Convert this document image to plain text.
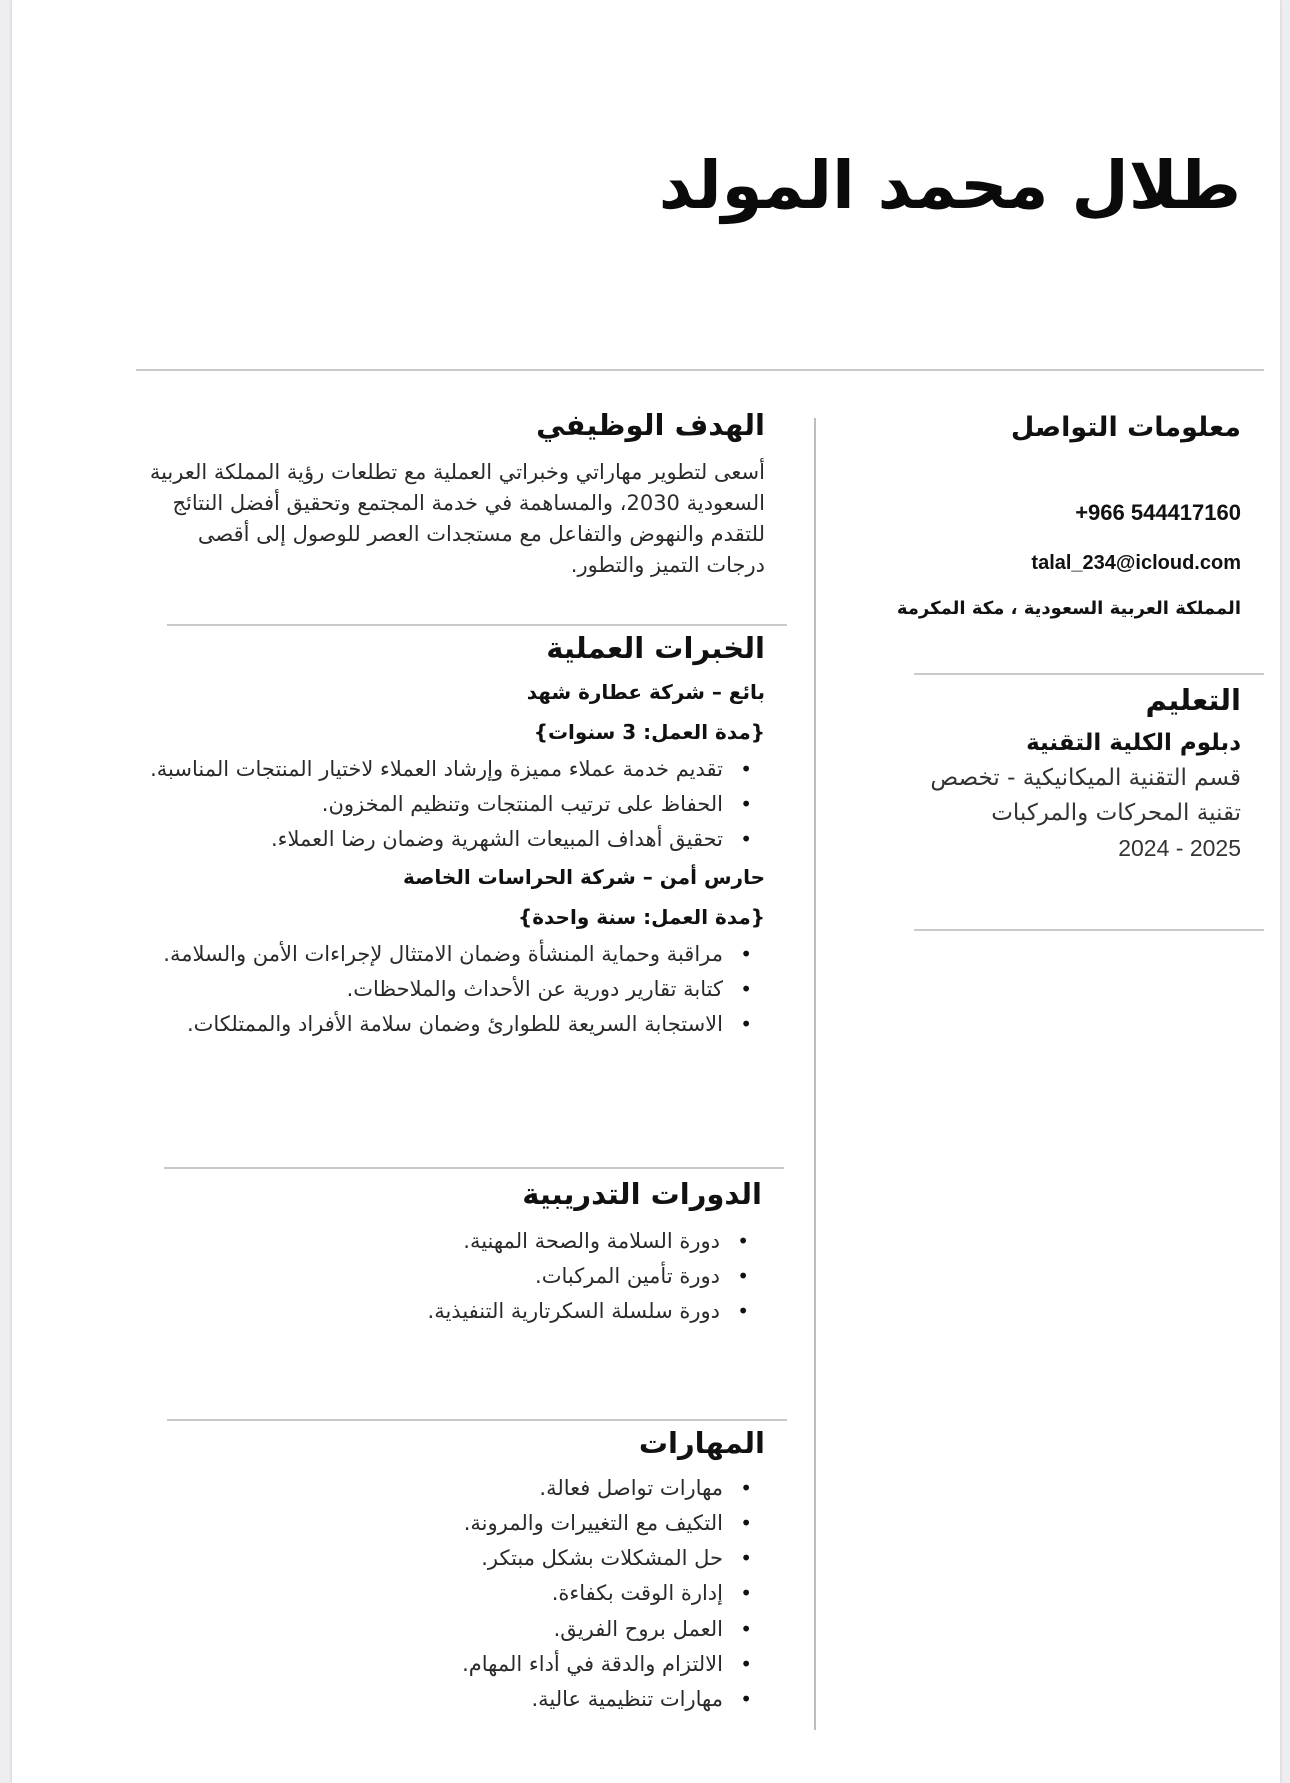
طلال محمد المولد
معلومات التواصل
+966 544417160
talal_234@icloud.com
المملكة العربية السعودية ، مكة المكرمة
التعليم
دبلوم الكلية التقنية
قسم التقنية الميكانيكية - تخصص
تقنية المحركات والمركبات
2024 - 2025
الهدف الوظيفي
أسعى لتطوير مهاراتي وخبراتي العملية مع تطلعات رؤية المملكة العربية السعودية 2030، والمساهمة في خدمة المجتمع وتحقيق أفضل النتائج للتقدم والنهوض والتفاعل مع مستجدات العصر للوصول إلى أقصى درجات التميز والتطور.
الخبرات العملية
بائع – شركة عطارة شهد
{مدة العمل: 3 سنوات}
• تقديم خدمة عملاء مميزة وإرشاد العملاء لاختيار المنتجات المناسبة.
• الحفاظ على ترتيب المنتجات وتنظيم المخزون.
• تحقيق أهداف المبيعات الشهرية وضمان رضا العملاء.
حارس أمن – شركة الحراسات الخاصة
{مدة العمل: سنة واحدة}
• مراقبة وحماية المنشأة وضمان الامتثال لإجراءات الأمن والسلامة.
• كتابة تقارير دورية عن الأحداث والملاحظات.
• الاستجابة السريعة للطوارئ وضمان سلامة الأفراد والممتلكات.
الدورات التدريبية
• دورة السلامة والصحة المهنية.
• دورة تأمين المركبات.
• دورة سلسلة السكرتارية التنفيذية.
المهارات
• مهارات تواصل فعالة.
• التكيف مع التغييرات والمرونة.
• حل المشكلات بشكل مبتكر.
• إدارة الوقت بكفاءة.
• العمل بروح الفريق.
• الالتزام والدقة في أداء المهام.
• مهارات تنظيمية عالية.
